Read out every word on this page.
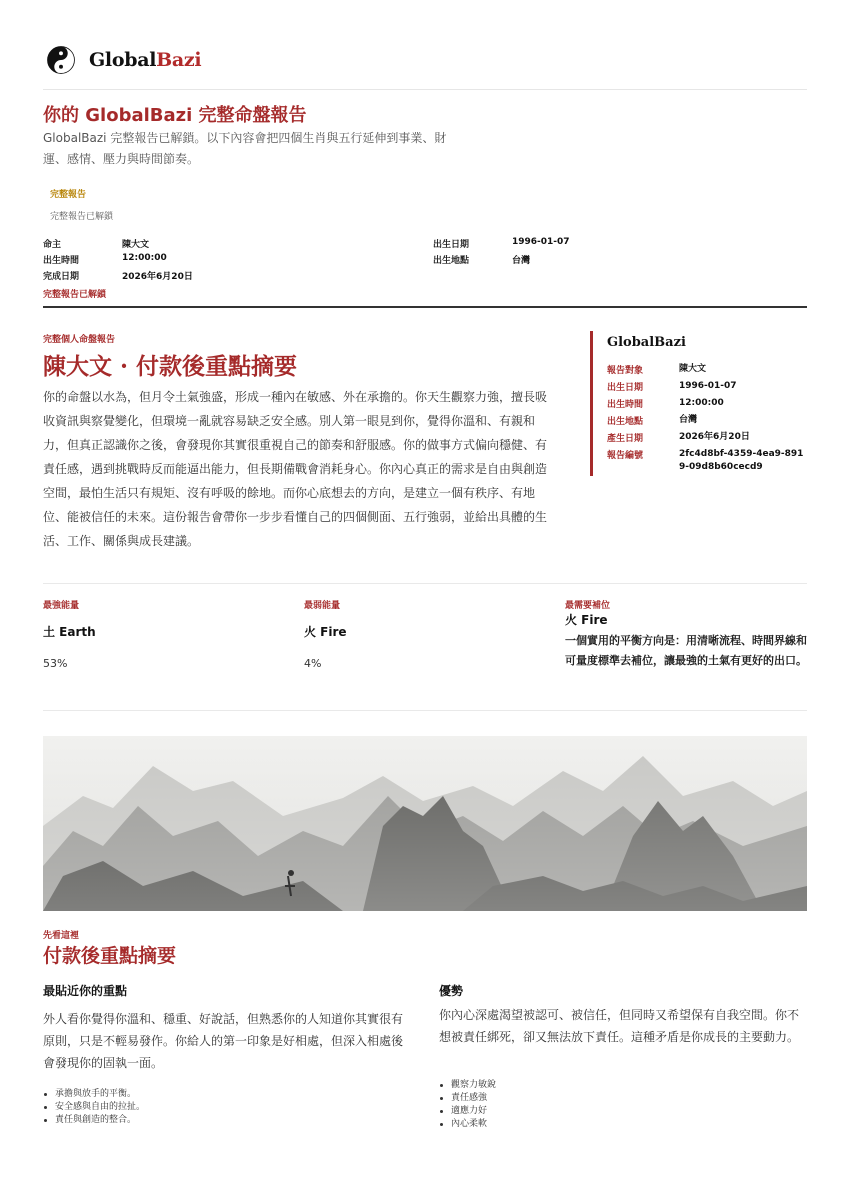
GlobalBazi
你的 GlobalBazi 完整命盤報告
GlobalBazi 完整報告已解鎖。以下內容會把四個生肖與五行延伸到事業、財運、感情、壓力與時間節奏。
完整報告
完整報告已解鎖
命主	陳大文
出生時間	12:00:00
完成日期	2026年6月20日
出生日期	1996-01-07
出生地點	台灣
完整報告已解鎖
完整個人命盤報告
陳大文 · 付款後重點摘要
你的命盤以水為，但月令土氣強盛，形成一種內在敏感、外在承擔的。你天生觀察力強，擅長吸收資訊與察覺變化，但環境一亂就容易缺乏安全感。別人第一眼見到你，覺得你溫和、有親和力，但真正認識你之後，會發現你其實很重視自己的節奏和舒服感。你的做事方式偏向穩健、有責任感，遇到挑戰時反而能逼出能力，但長期備戰會消耗身心。你內心真正的需求是自由與創造空間，最怕生活只有規矩、沒有呼吸的餘地。而你心底想去的方向，是建立一個有秩序、有地位、能被信任的未來。這份報告會帶你一步步看懂自己的四個側面、五行強弱，並給出具體的生活、工作、關係與成長建議。
GlobalBazi
報告對象	陳大文
出生日期	1996-01-07
出生時間	12:00:00
出生地點	台灣
產生日期	2026年6月20日
報告編號	2fc4d8bf-4359-4ea9-8919-09d8b60cecd9
最強能量
土 Earth
53%
最弱能量
火 Fire
4%
最需要補位
火 Fire
一個實用的平衡方向是：用清晰流程、時間界線和可量度標準去補位，讓最強的土氣有更好的出口。
先看這裡
付款後重點摘要
最貼近你的重點
外人看你覺得你溫和、穩重、好說話，但熟悉你的人知道你其實很有原則，只是不輕易發作。你給人的第一印象是好相處，但深入相處後會發現你的固執一面。
承擔與放手的平衡。
安全感與自由的拉扯。
責任與創造的整合。
優勢
你內心深處渴望被認可、被信任，但同時又希望保有自我空間。你不想被責任綁死，卻又無法放下責任。這種矛盾是你成長的主要動力。
觀察力敏銳
責任感強
適應力好
內心柔軟
